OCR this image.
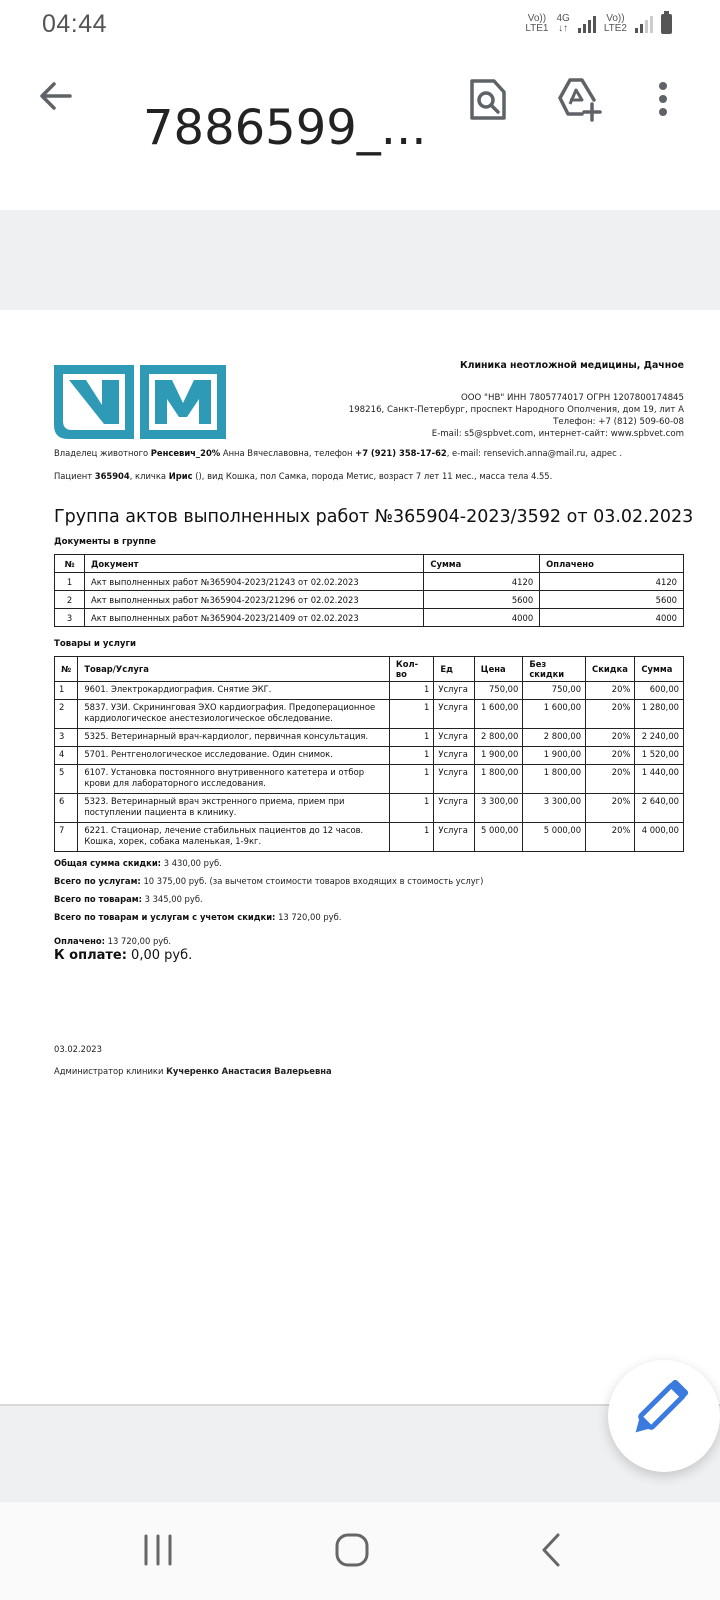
04:44	Vo))
LTE1
4G
↓↑
Vo))
LTE2
7886599_...
Клиника неотложной медицины, Дачное
ООО "НВ" ИНН 7805774017 ОГРН 1207800174845
198216, Санкт-Петербург, проспект Народного Ополчения, дом 19, лит А
Телефон: +7 (812) 509-60-08
E-mail: s5@spbvet.com, интернет-сайт: www.spbvet.com
Владелец животного Ренсевич_20% Анна Вячеславовна, телефон +7 (921) 358-17-62, e-mail: rensevich.anna@mail.ru, адрес .
Пациент 365904, кличка Ирис (), вид Кошка, пол Самка, порода Метис, возраст 7 лет 11 мес., масса тела 4.55.
Группа актов выполненных работ №365904-2023/3592 от 03.02.2023
Документы в группе
№	Документ	Сумма	Оплачено
1	Акт выполненных работ №365904-2023/21243 от 02.02.2023	4120	4120
2	Акт выполненных работ №365904-2023/21296 от 02.02.2023	5600	5600
3	Акт выполненных работ №365904-2023/21409 от 02.02.2023	4000	4000
Товары и услуги
№	Товар/Услуга	Кол-во	Ед	Цена	Без скидки	Скидка	Сумма
1	9601. Электрокардиография. Снятие ЭКГ.	1	Услуга	750,00	750,00	20%	600,00
2	5837. УЗИ. Скрининговая ЭХО кардиография. Предоперационное кардиологическое анестезиологическое обследование.	1	Услуга	1 600,00	1 600,00	20%	1 280,00
3	5325. Ветеринарный врач-кардиолог, первичная консультация.	1	Услуга	2 800,00	2 800,00	20%	2 240,00
4	5701. Рентгенологическое исследование. Один снимок.	1	Услуга	1 900,00	1 900,00	20%	1 520,00
5	6107. Установка постоянного внутривенного катетера и отбор крови для лабораторного исследования.	1	Услуга	1 800,00	1 800,00	20%	1 440,00
6	5323. Ветеринарный врач экстренного приема, прием при поступлении пациента в клинику.	1	Услуга	3 300,00	3 300,00	20%	2 640,00
7	6221. Стационар, лечение стабильных пациентов до 12 часов. Кошка, хорек, собака маленькая, 1-9кг.	1	Услуга	5 000,00	5 000,00	20%	4 000,00
Общая сумма скидки: 3 430,00 руб.
Всего по услугам: 10 375,00 руб. (за вычетом стоимости товаров входящих в стоимость услуг)
Всего по товарам: 3 345,00 руб.
Всего по товарам и услугам с учетом скидки: 13 720,00 руб.
Оплачено: 13 720,00 руб.
К оплате: 0,00 руб.
03.02.2023
Администратор клиники Кучеренко Анастасия Валерьевна
